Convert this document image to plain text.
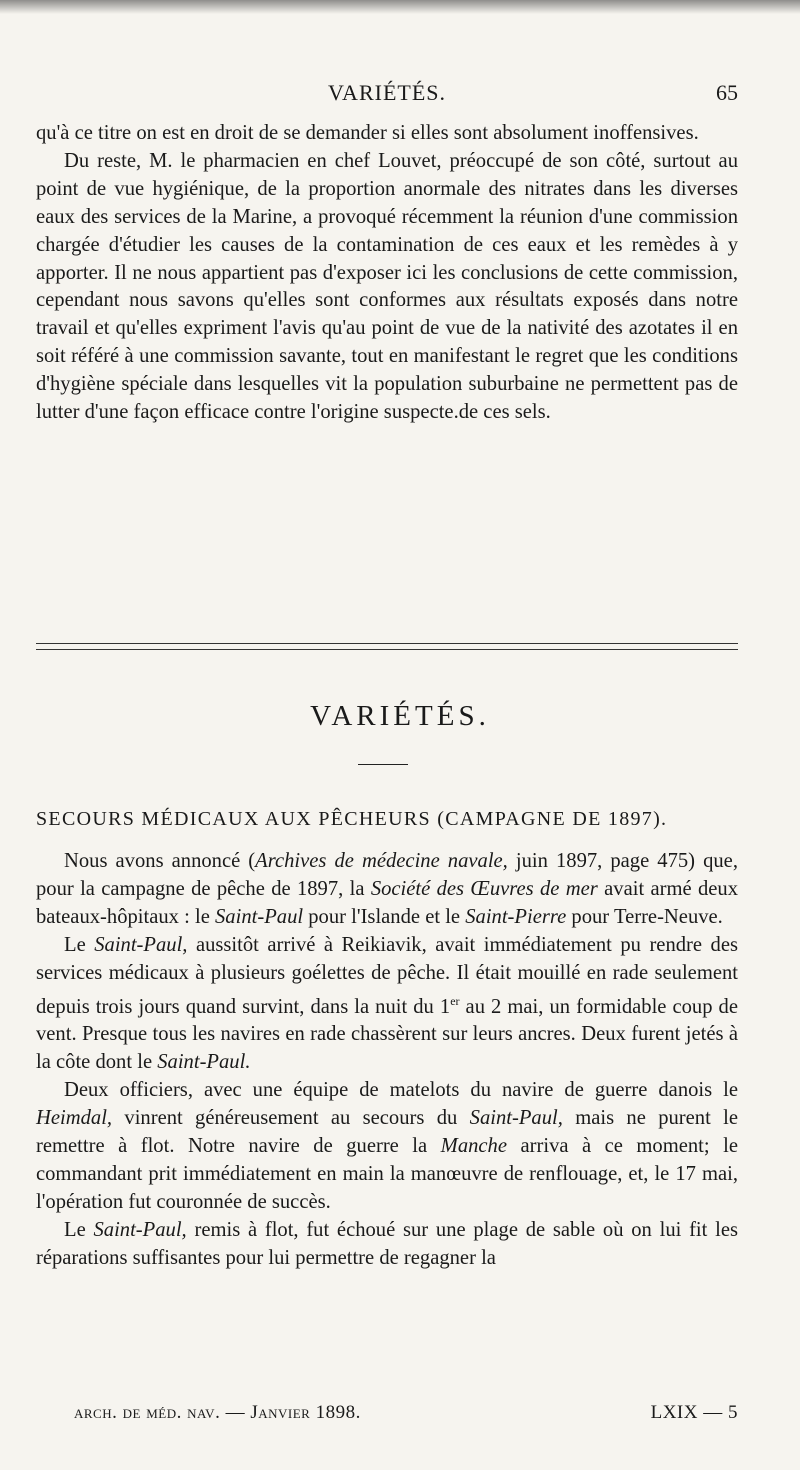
VARIÉTÉS.	65

qu'à ce titre on est en droit de se demander si elles sont absolument inoffensives.

Du reste, M. le pharmacien en chef Louvet, préoccupé de son côté, surtout au point de vue hygiénique, de la proportion anormale des nitrates dans les diverses eaux des services de la Marine, a provoqué récemment la réunion d'une commission chargée d'étudier les causes de la contamination de ces eaux et les remèdes à y apporter. Il ne nous appartient pas d'exposer ici les conclusions de cette commission, cependant nous savons qu'elles sont conformes aux résultats exposés dans notre travail et qu'elles expriment l'avis qu'au point de vue de la nativité des azotates il en soit référé à une commission savante, tout en manifestant le regret que les conditions d'hygiène spéciale dans lesquelles vit la population suburbaine ne permettent pas de lutter d'une façon efficace contre l'origine suspecte.de ces sels.

VARIÉTÉS.
SECOURS MÉDICAUX AUX PÊCHEURS (CAMPAGNE DE 1897).

Nous avons annoncé (Archives de médecine navale, juin 1897, page 475) que, pour la campagne de pêche de 1897, la Société des Œuvres de mer avait armé deux bateaux-hôpitaux : le Saint-Paul pour l'Islande et le Saint-Pierre pour Terre-Neuve.

Le Saint-Paul, aussitôt arrivé à Reikiavik, avait immédiatement pu rendre des services médicaux à plusieurs goélettes de pêche. Il était mouillé en rade seulement depuis trois jours quand survint, dans la nuit du 1er au 2 mai, un formidable coup de vent. Presque tous les navires en rade chassèrent sur leurs ancres. Deux furent jetés à la côte dont le Saint-Paul.

Deux officiers, avec une équipe de matelots du navire de guerre danois le Heimdal, vinrent généreusement au secours du Saint-Paul, mais ne purent le remettre à flot. Notre navire de guerre la Manche arriva à ce moment; le commandant prit immédiatement en main la manœuvre de renflouage, et, le 17 mai, l'opération fut couronnée de succès.

Le Saint-Paul, remis à flot, fut échoué sur une plage de sable où on lui fit les réparations suffisantes pour lui permettre de regagner la

arch. de méd. nav. — Janvier 1898.	LXIX — 5
